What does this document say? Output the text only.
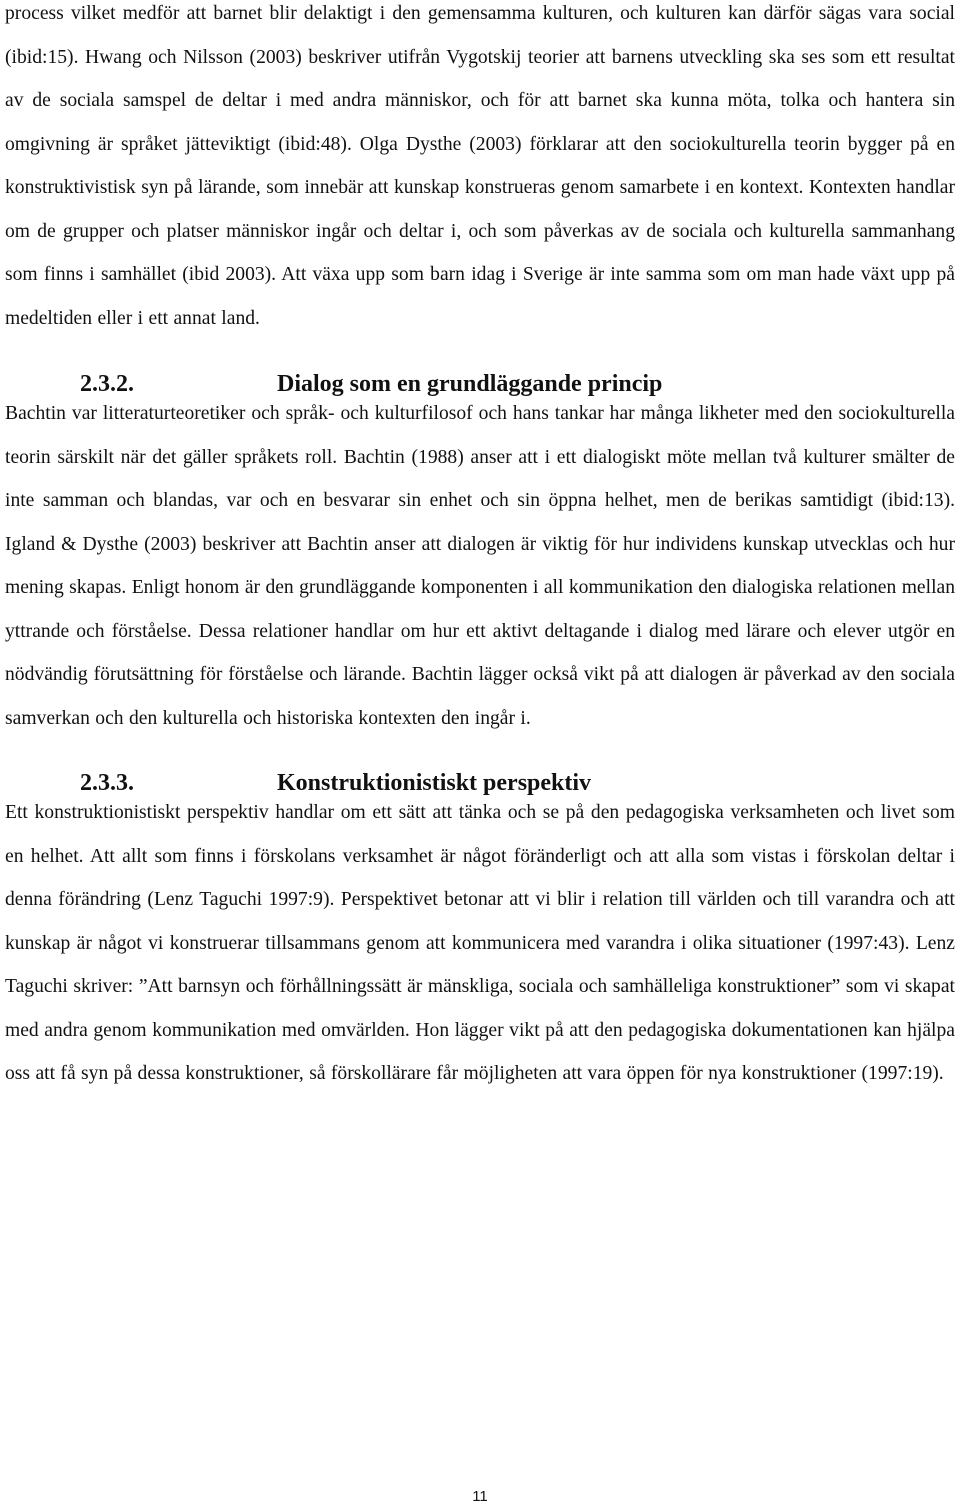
process vilket medför att barnet blir delaktigt i den gemensamma kulturen, och kulturen kan därför sägas vara social (ibid:15). Hwang och Nilsson (2003) beskriver utifrån Vygotskij teorier att barnens utveckling ska ses som ett resultat av de sociala samspel de deltar i med andra människor, och för att barnet ska kunna möta, tolka och hantera sin omgivning är språket jätteviktigt (ibid:48). Olga Dysthe (2003) förklarar att den sociokulturella teorin bygger på en konstruktivistisk syn på lärande, som innebär att kunskap konstrueras genom samarbete i en kontext. Kontexten handlar om de grupper och platser människor ingår och deltar i, och som påverkas av de sociala och kulturella sammanhang som finns i samhället (ibid 2003). Att växa upp som barn idag i Sverige är inte samma som om man hade växt upp på medeltiden eller i ett annat land.

2.3.2.	Dialog som en grundläggande princip

Bachtin var litteraturteoretiker och språk- och kulturfilosof och hans tankar har många likheter med den sociokulturella teorin särskilt när det gäller språkets roll. Bachtin (1988) anser att i ett dialogiskt möte mellan två kulturer smälter de inte samman och blandas, var och en besvarar sin enhet och sin öppna helhet, men de berikas samtidigt (ibid:13). Igland & Dysthe (2003) beskriver att Bachtin anser att dialogen är viktig för hur individens kunskap utvecklas och hur mening skapas. Enligt honom är den grundläggande komponenten i all kommunikation den dialogiska relationen mellan yttrande och förståelse. Dessa relationer handlar om hur ett aktivt deltagande i dialog med lärare och elever utgör en nödvändig förutsättning för förståelse och lärande. Bachtin lägger också vikt på att dialogen är påverkad av den sociala samverkan och den kulturella och historiska kontexten den ingår i.

2.3.3.	Konstruktionistiskt perspektiv

Ett konstruktionistiskt perspektiv handlar om ett sätt att tänka och se på den pedagogiska verksamheten och livet som en helhet. Att allt som finns i förskolans verksamhet är något föränderligt och att alla som vistas i förskolan deltar i denna förändring (Lenz Taguchi 1997:9). Perspektivet betonar att vi blir i relation till världen och till varandra och att kunskap är något vi konstruerar tillsammans genom att kommunicera med varandra i olika situationer (1997:43). Lenz Taguchi skriver: ”Att barnsyn och förhållningssätt är mänskliga, sociala och samhälleliga konstruktioner” som vi skapat med andra genom kommunikation med omvärlden. Hon lägger vikt på att den pedagogiska dokumentationen kan hjälpa oss att få syn på dessa konstruktioner, så förskollärare får möjligheten att vara öppen för nya konstruktioner (1997:19).

11
